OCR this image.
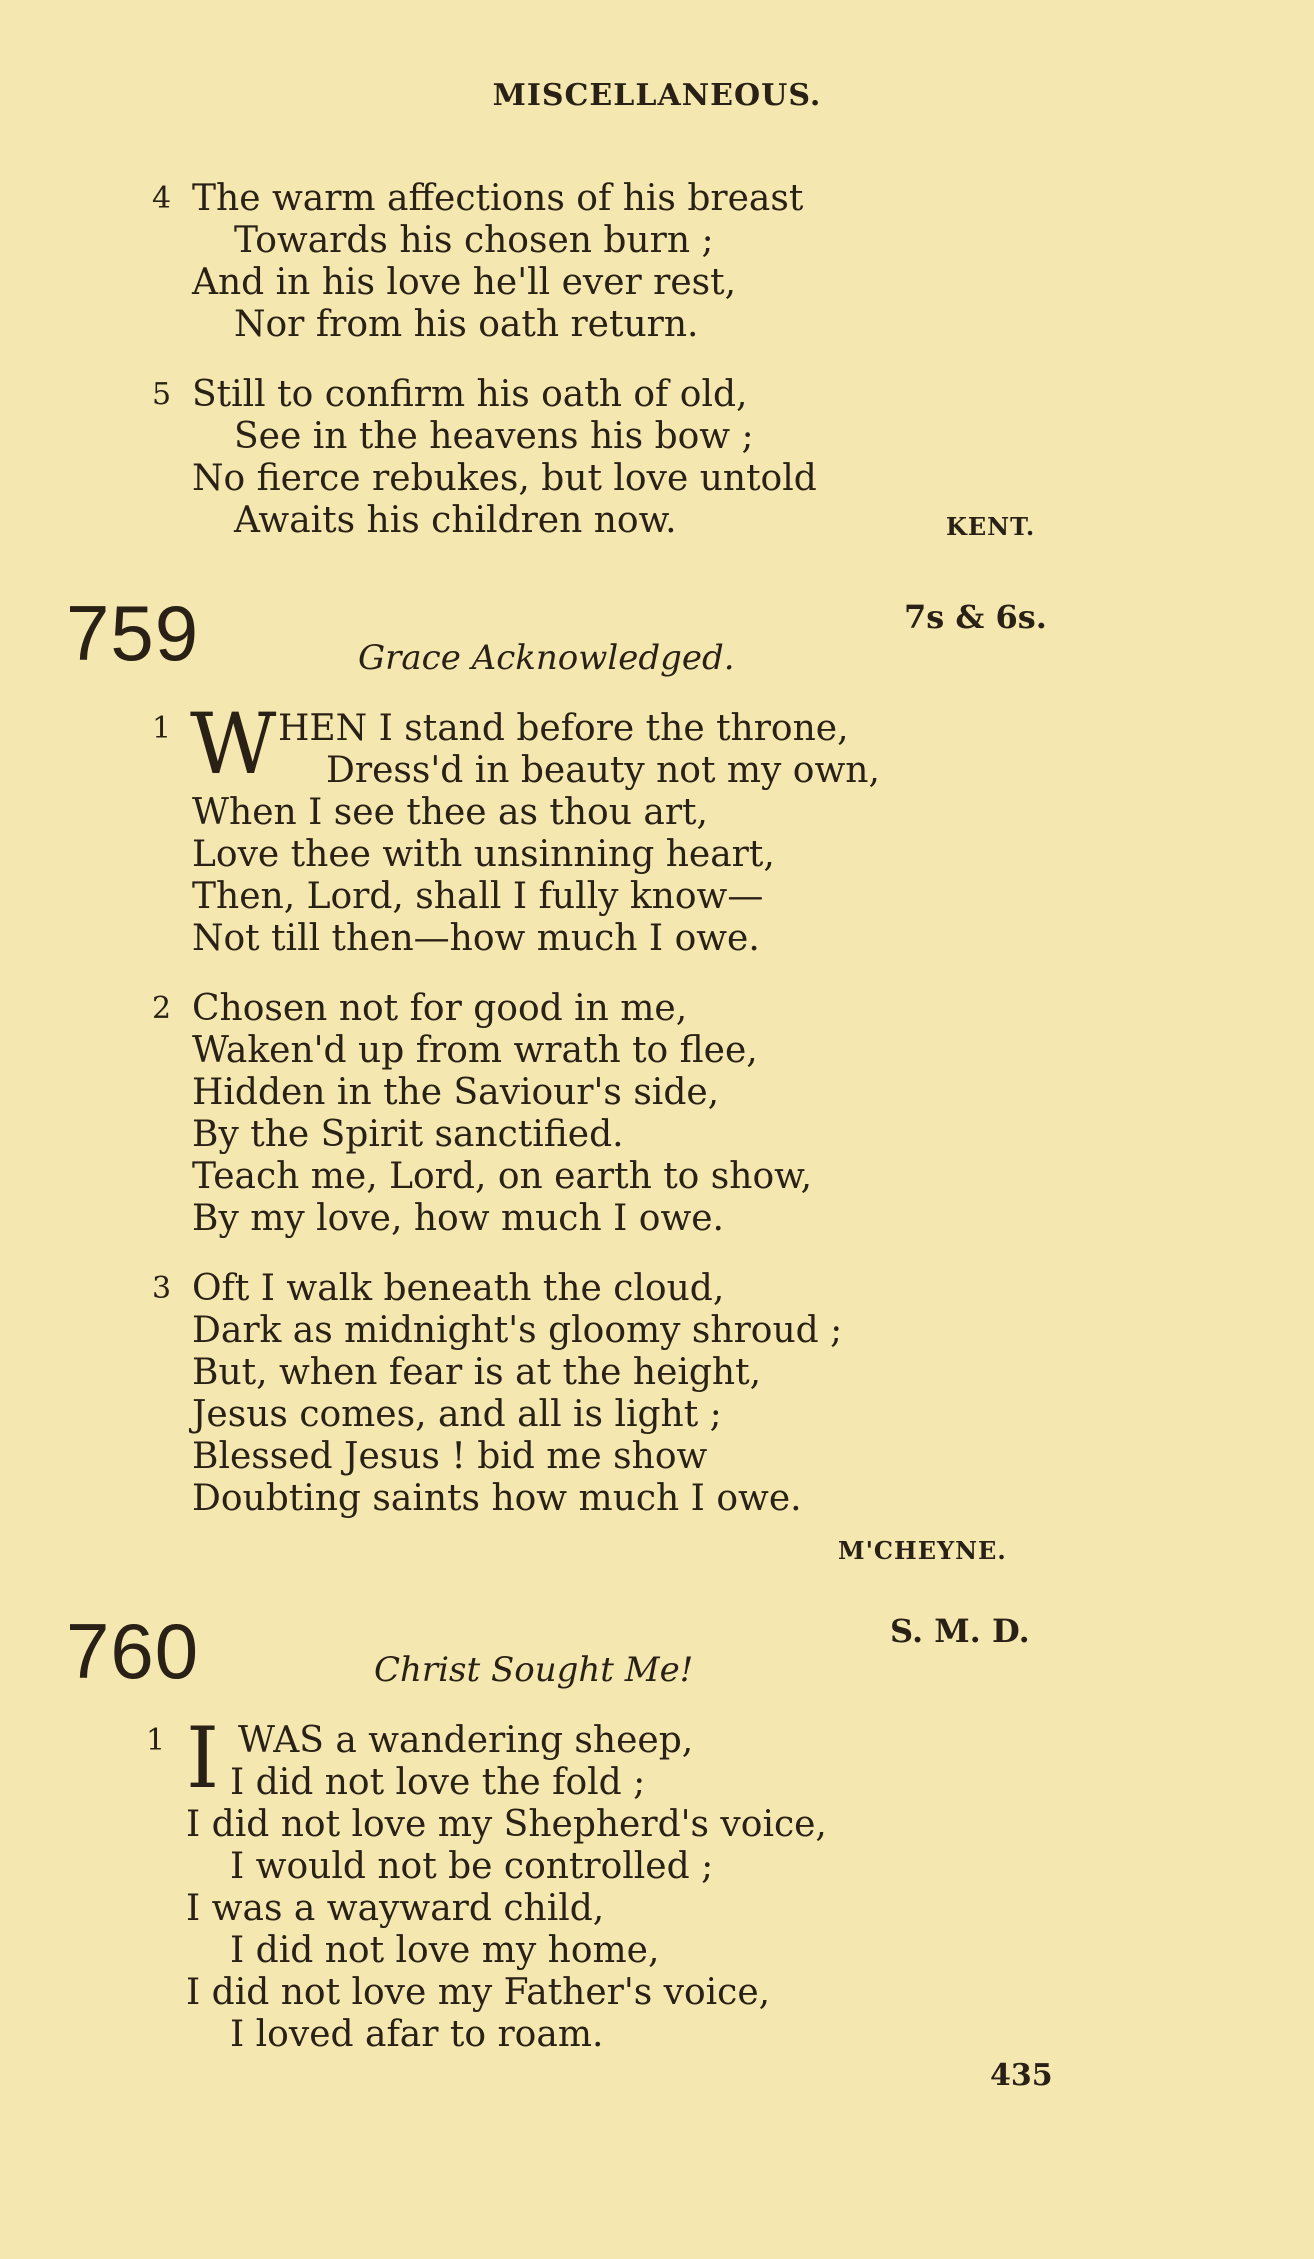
MISCELLANEOUS.
4 The warm affections of his breast
Towards his chosen burn ;
And in his love he'll ever rest,
Nor from his oath return.
5 Still to confirm his oath of old,
See in the heavens his bow ;
No fierce rebukes, but love untold
Awaits his children now.	KENT.
759	7s & 6s.
Grace Acknowledged.
1 W HEN I stand before the throne,
Dress'd in beauty not my own,
When I see thee as thou art,
Love thee with unsinning heart,
Then, Lord, shall I fully know—
Not till then—how much I owe.
2 Chosen not for good in me,
Waken'd up from wrath to flee,
Hidden in the Saviour's side,
By the Spirit sanctified.
Teach me, Lord, on earth to show,
By my love, how much I owe.
3 Oft I walk beneath the cloud,
Dark as midnight's gloomy shroud ;
But, when fear is at the height,
Jesus comes, and all is light ;
Blessed Jesus ! bid me show
Doubting saints how much I owe.
M'CHEYNE.
760	S. M. D.
Christ Sought Me!
1 I WAS a wandering sheep,
I did not love the fold ;
I did not love my Shepherd's voice,
I would not be controlled ;
I was a wayward child,
I did not love my home,
I did not love my Father's voice,
I loved afar to roam.
435
